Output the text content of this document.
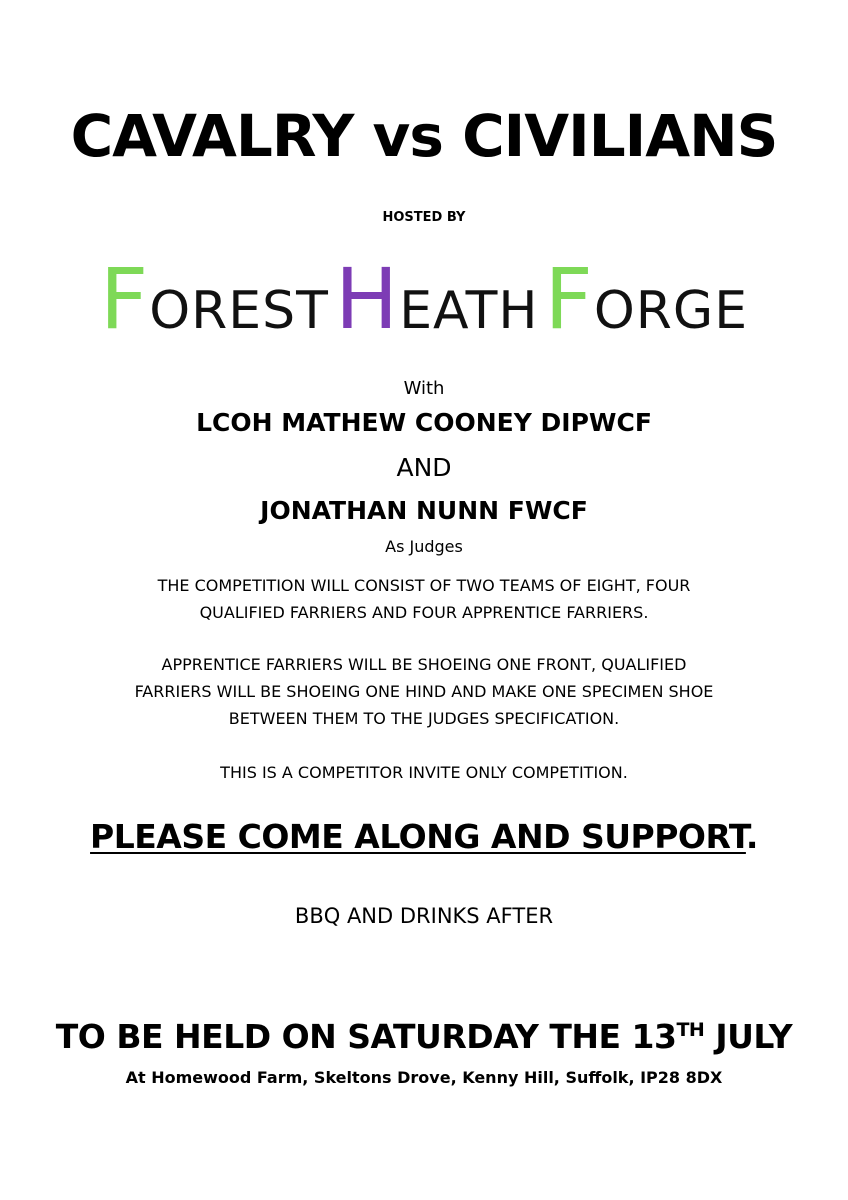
CAVALRY vs CIVILIANS
HOSTED BY
FOREST HEATH FORGE
With
LCOH MATHEW COONEY DIPWCF
AND
JONATHAN NUNN FWCF
As Judges
THE COMPETITION WILL CONSIST OF TWO TEAMS OF EIGHT, FOUR
QUALIFIED FARRIERS AND FOUR APPRENTICE FARRIERS.
APPRENTICE FARRIERS WILL BE SHOEING ONE FRONT, QUALIFIED
FARRIERS WILL BE SHOEING ONE HIND AND MAKE ONE SPECIMEN SHOE
BETWEEN THEM TO THE JUDGES SPECIFICATION.
THIS IS A COMPETITOR INVITE ONLY COMPETITION.
PLEASE COME ALONG AND SUPPORT.
BBQ AND DRINKS AFTER
TO BE HELD ON SATURDAY THE 13TH JULY
At Homewood Farm, Skeltons Drove, Kenny Hill, Suffolk, IP28 8DX
